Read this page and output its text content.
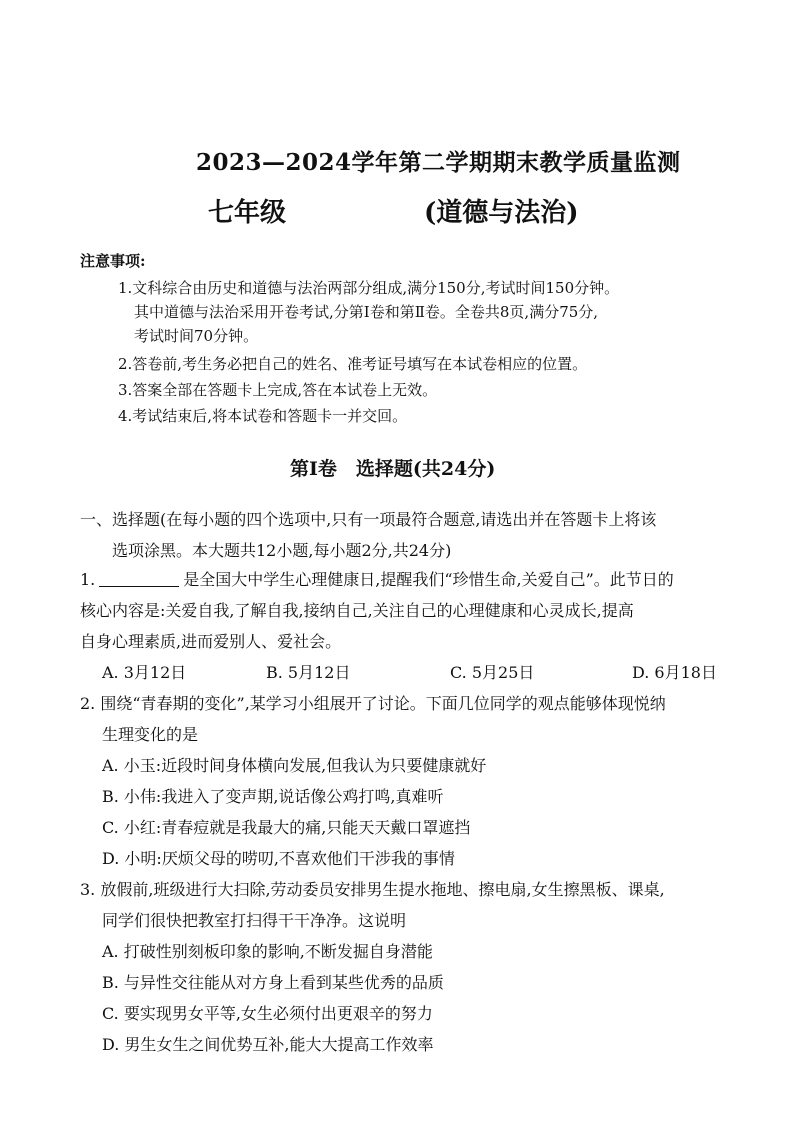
2023—2024学年第二学期期末教学质量监测
七年级	(道德与法治)
注意事项:
1.文科综合由历史和道德与法治两部分组成,满分150分,考试时间150分钟。
其中道德与法治采用开卷考试,分第Ⅰ卷和第Ⅱ卷。全卷共8页,满分75分,
考试时间70分钟。
2.答卷前,考生务必把自己的姓名、准考证号填写在本试卷相应的位置。
3.答案全部在答题卡上完成,答在本试卷上无效。
4.考试结束后,将本试卷和答题卡一并交回。
第Ⅰ卷　选择题(共24分)
一、选择题(在每小题的四个选项中,只有一项最符合题意,请选出并在答题卡上将该
选项涂黑。本大题共12小题,每小题2分,共24分)
1.	是全国大中学生心理健康日,提醒我们“珍惜生命,关爱自己”。此节日的
核心内容是:关爱自我,了解自我,接纳自己,关注自己的心理健康和心灵成长,提高
自身心理素质,进而爱别人、爱社会。
A. 3月12日	B. 5月12日	C. 5月25日	D. 6月18日
2. 围绕“青春期的变化”,某学习小组展开了讨论。下面几位同学的观点能够体现悦纳
生理变化的是
A. 小玉:近段时间身体横向发展,但我认为只要健康就好
B. 小伟:我进入了变声期,说话像公鸡打鸣,真难听
C. 小红:青春痘就是我最大的痛,只能天天戴口罩遮挡
D. 小明:厌烦父母的唠叨,不喜欢他们干涉我的事情
3. 放假前,班级进行大扫除,劳动委员安排男生提水拖地、擦电扇,女生擦黑板、课桌,
同学们很快把教室打扫得干干净净。这说明
A. 打破性别刻板印象的影响,不断发掘自身潜能
B. 与异性交往能从对方身上看到某些优秀的品质
C. 要实现男女平等,女生必须付出更艰辛的努力
D. 男生女生之间优势互补,能大大提高工作效率
